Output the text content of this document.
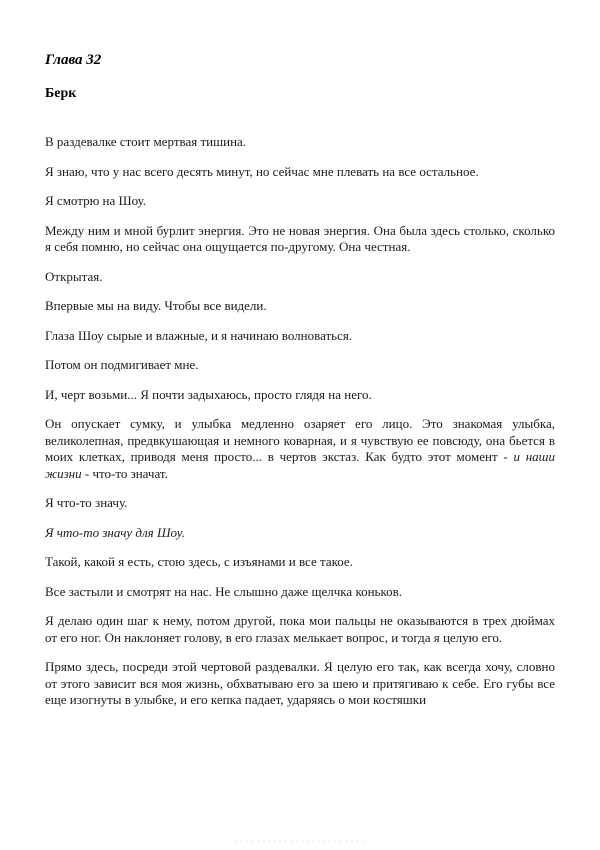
Глава 32
Берк

В раздевалке стоит мертвая тишина.

Я знаю, что у нас всего десять минут, но сейчас мне плевать на все остальное.

Я смотрю на Шоу.

Между ним и мной бурлит энергия. Это не новая энергия. Она была здесь столько, сколько я себя помню, но сейчас она ощущается по-другому. Она честная.

Открытая.

Впервые мы на виду. Чтобы все видели.

Глаза Шоу сырые и влажные, и я начинаю волноваться.

Потом он подмигивает мне.

И, черт возьми... Я почти задыхаюсь, просто глядя на него.

Он опускает сумку, и улыбка медленно озаряет его лицо. Это знакомая улыбка, великолепная, предвкушающая и немного коварная, и я чувствую ее повсюду, она бьется в моих клетках, приводя меня просто... в чертов экстаз. Как будто этот момент - и наши жизни - что-то значат.

Я что-то значу.

Я что-то значу для Шоу.

Такой, какой я есть, стою здесь, с изъянами и все такое.

Все застыли и смотрят на нас. Не слышно даже щелчка коньков.

Я делаю один шаг к нему, потом другой, пока мои пальцы не оказываются в трех дюймах от его ног. Он наклоняет голову, в его глазах мелькает вопрос, и тогда я целую его.

Прямо здесь, посреди этой чертовой раздевалки. Я целую его так, как всегда хочу, словно от этого зависит вся моя жизнь, обхватываю его за шею и притягиваю к себе. Его губы все еще изогнуты в улыбке, и его кепка падает, ударяясь о мои костяшки

· · · · · · · · · · · · · · · · · · · · · · · ·
